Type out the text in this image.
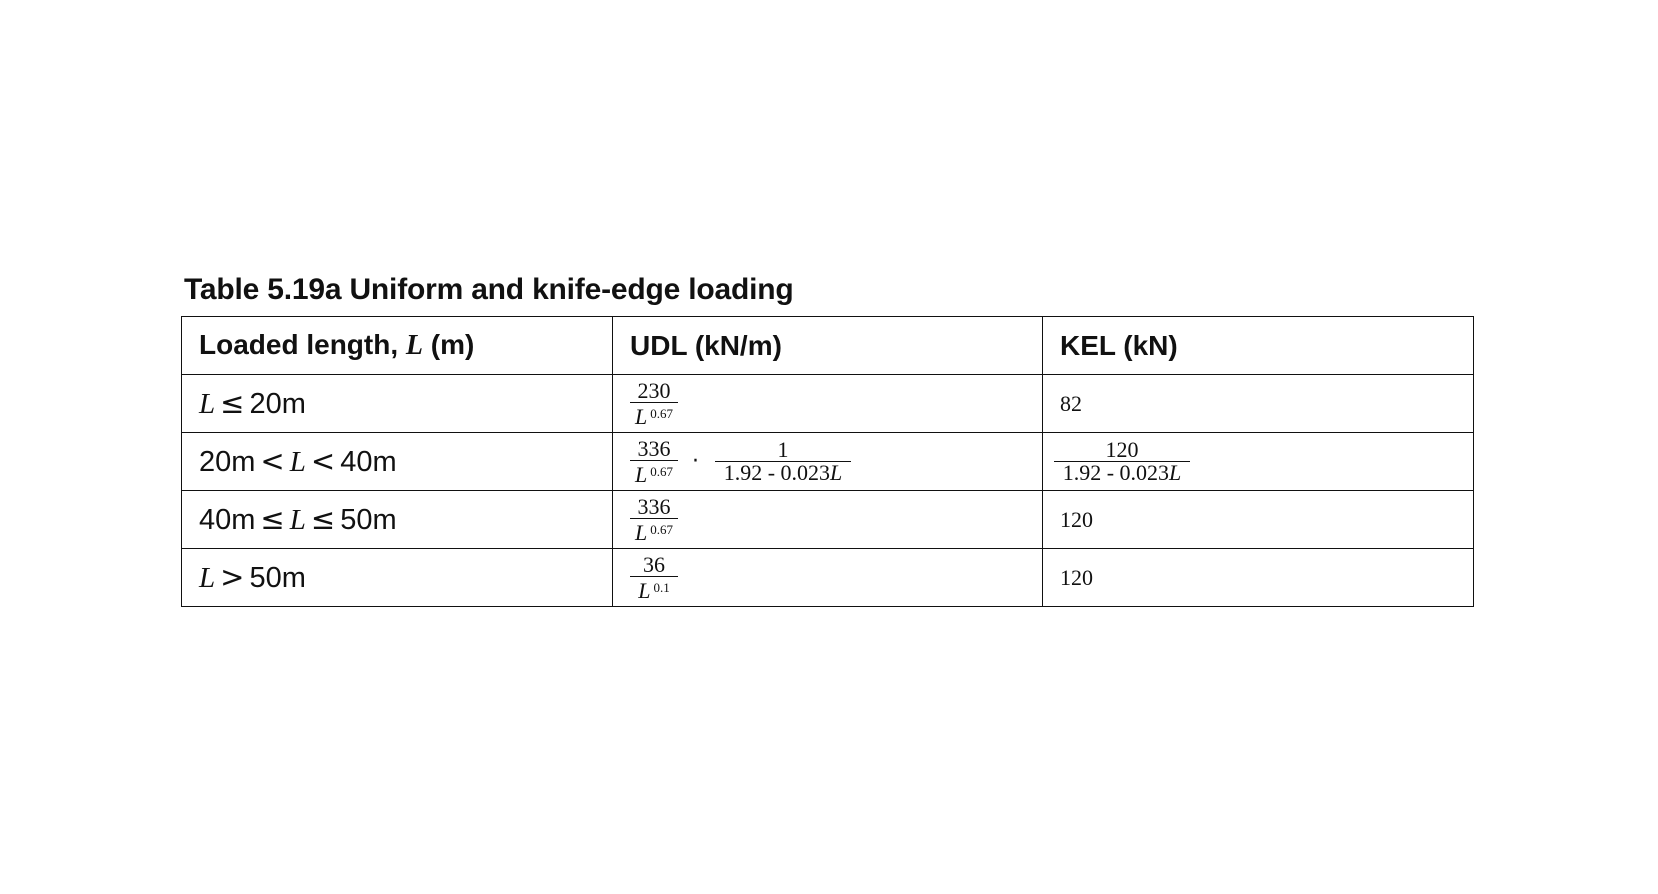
Table 5.19a Uniform and knife-edge loading
Loaded length, L (m)	UDL (kN/m)	KEL (kN)
L ≤ 20m	$\frac{230}{L ^{0.67}}$	82
20m < L < 40m	$\frac{336}{L ^{0.67}} \cdot \frac{1}{1.92 - 0.023L}$	$\frac{120}{1.92 - 0.023L}$

40m ≤ L ≤ 50m	$\frac{336}{L ^{0.67}}$	120
L > 50m	$\frac{36}{L ^{0.1}}$	120
